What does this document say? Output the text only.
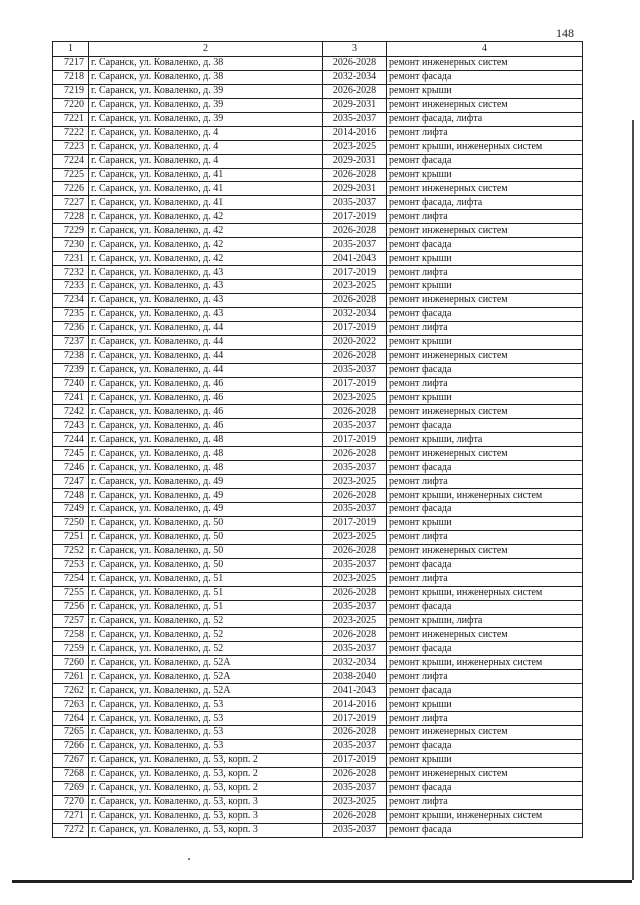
148
1	2	3	4
7217	г. Саранск, ул. Коваленко, д. 38	2026-2028	ремонт инженерных систем
7218	г. Саранск, ул. Коваленко, д. 38	2032-2034	ремонт фасада
7219	г. Саранск, ул. Коваленко, д. 39	2026-2028	ремонт крыши
7220	г. Саранск, ул. Коваленко, д. 39	2029-2031	ремонт инженерных систем
7221	г. Саранск, ул. Коваленко, д. 39	2035-2037	ремонт фасада, лифта
7222	г. Саранск, ул. Коваленко, д. 4	2014-2016	ремонт лифта
7223	г. Саранск, ул. Коваленко, д. 4	2023-2025	ремонт крыши, инженерных систем
7224	г. Саранск, ул. Коваленко, д. 4	2029-2031	ремонт фасада
7225	г. Саранск, ул. Коваленко, д. 41	2026-2028	ремонт крыши
7226	г. Саранск, ул. Коваленко, д. 41	2029-2031	ремонт инженерных систем
7227	г. Саранск, ул. Коваленко, д. 41	2035-2037	ремонт фасада, лифта
7228	г. Саранск, ул. Коваленко, д. 42	2017-2019	ремонт лифта
7229	г. Саранск, ул. Коваленко, д. 42	2026-2028	ремонт инженерных систем
7230	г. Саранск, ул. Коваленко, д. 42	2035-2037	ремонт фасада
7231	г. Саранск, ул. Коваленко, д. 42	2041-2043	ремонт крыши
7232	г. Саранск, ул. Коваленко, д. 43	2017-2019	ремонт лифта
7233	г. Саранск, ул. Коваленко, д. 43	2023-2025	ремонт крыши
7234	г. Саранск, ул. Коваленко, д. 43	2026-2028	ремонт инженерных систем
7235	г. Саранск, ул. Коваленко, д. 43	2032-2034	ремонт фасада
7236	г. Саранск, ул. Коваленко, д. 44	2017-2019	ремонт лифта
7237	г. Саранск, ул. Коваленко, д. 44	2020-2022	ремонт крыши
7238	г. Саранск, ул. Коваленко, д. 44	2026-2028	ремонт инженерных систем
7239	г. Саранск, ул. Коваленко, д. 44	2035-2037	ремонт фасада
7240	г. Саранск, ул. Коваленко, д. 46	2017-2019	ремонт лифта
7241	г. Саранск, ул. Коваленко, д. 46	2023-2025	ремонт крыши
7242	г. Саранск, ул. Коваленко, д. 46	2026-2028	ремонт инженерных систем
7243	г. Саранск, ул. Коваленко, д. 46	2035-2037	ремонт фасада
7244	г. Саранск, ул. Коваленко, д. 48	2017-2019	ремонт крыши, лифта
7245	г. Саранск, ул. Коваленко, д. 48	2026-2028	ремонт инженерных систем
7246	г. Саранск, ул. Коваленко, д. 48	2035-2037	ремонт фасада
7247	г. Саранск, ул. Коваленко, д. 49	2023-2025	ремонт лифта
7248	г. Саранск, ул. Коваленко, д. 49	2026-2028	ремонт крыши, инженерных систем
7249	г. Саранск, ул. Коваленко, д. 49	2035-2037	ремонт фасада
7250	г. Саранск, ул. Коваленко, д. 50	2017-2019	ремонт крыши
7251	г. Саранск, ул. Коваленко, д. 50	2023-2025	ремонт лифта
7252	г. Саранск, ул. Коваленко, д. 50	2026-2028	ремонт инженерных систем
7253	г. Саранск, ул. Коваленко, д. 50	2035-2037	ремонт фасада
7254	г. Саранск, ул. Коваленко, д. 51	2023-2025	ремонт лифта
7255	г. Саранск, ул. Коваленко, д. 51	2026-2028	ремонт крыши, инженерных систем
7256	г. Саранск, ул. Коваленко, д. 51	2035-2037	ремонт фасада
7257	г. Саранск, ул. Коваленко, д. 52	2023-2025	ремонт крыши, лифта
7258	г. Саранск, ул. Коваленко, д. 52	2026-2028	ремонт инженерных систем
7259	г. Саранск, ул. Коваленко, д. 52	2035-2037	ремонт фасада
7260	г. Саранск, ул. Коваленко, д. 52А	2032-2034	ремонт крыши, инженерных систем
7261	г. Саранск, ул. Коваленко, д. 52А	2038-2040	ремонт лифта
7262	г. Саранск, ул. Коваленко, д. 52А	2041-2043	ремонт фасада
7263	г. Саранск, ул. Коваленко, д. 53	2014-2016	ремонт крыши
7264	г. Саранск, ул. Коваленко, д. 53	2017-2019	ремонт лифта
7265	г. Саранск, ул. Коваленко, д. 53	2026-2028	ремонт инженерных систем
7266	г. Саранск, ул. Коваленко, д. 53	2035-2037	ремонт фасада
7267	г. Саранск, ул. Коваленко, д. 53, корп. 2	2017-2019	ремонт крыши
7268	г. Саранск, ул. Коваленко, д. 53, корп. 2	2026-2028	ремонт инженерных систем
7269	г. Саранск, ул. Коваленко, д. 53, корп. 2	2035-2037	ремонт фасада
7270	г. Саранск, ул. Коваленко, д. 53, корп. 3	2023-2025	ремонт лифта
7271	г. Саранск, ул. Коваленко, д. 53, корп. 3	2026-2028	ремонт крыши, инженерных систем
7272	г. Саранск, ул. Коваленко, д. 53, корп. 3	2035-2037	ремонт фасада
